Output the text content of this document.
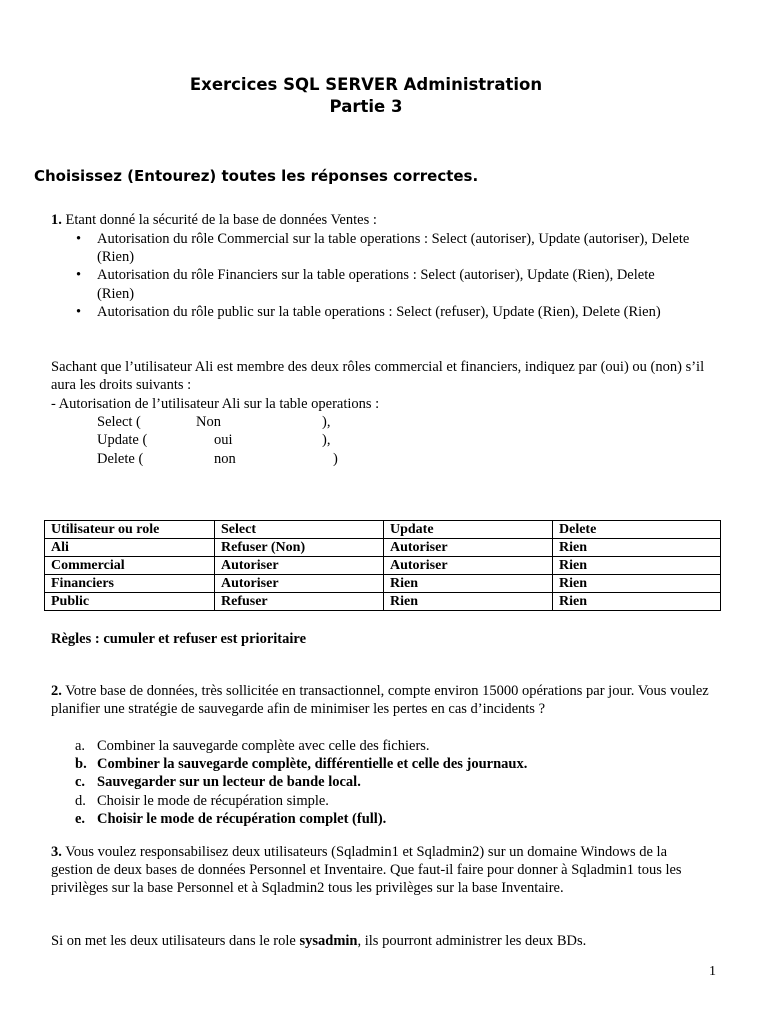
Exercices SQL SERVER Administration
Partie 3
Choisissez (Entourez) toutes les réponses correctes.
1. Etant donné la sécurité de la base de données Ventes :
• Autorisation du rôle Commercial sur la table operations : Select (autoriser), Update (autoriser), Delete (Rien)
• Autorisation du rôle Financiers sur la table operations : Select (autoriser), Update (Rien), Delete (Rien)
• Autorisation du rôle public sur la table operations : Select (refuser), Update (Rien), Delete (Rien)
Sachant que l’utilisateur Ali est membre des deux rôles commercial et financiers, indiquez par (oui) ou (non) s’il aura les droits suivants :
- Autorisation de l’utilisateur Ali sur la table operations :
Select (	Non	),
Update (	oui	),
Delete (	non	)
Utilisateur ou role	Select	Update	Delete
Ali	Refuser (Non)	Autoriser	Rien
Commercial	Autoriser	Autoriser	Rien
Financiers	Autoriser	Rien	Rien
Public	Refuser	Rien	Rien
Règles : cumuler et refuser est prioritaire
2. Votre base de données, très sollicitée en transactionnel, compte environ 15000 opérations par jour. Vous voulez planifier une stratégie de sauvegarde afin de minimiser les pertes en cas d’incidents ?
a. Combiner la sauvegarde complète avec celle des fichiers.
b. Combiner la sauvegarde complète, différentielle et celle des journaux.
c. Sauvegarder sur un lecteur de bande local.
d. Choisir le mode de récupération simple.
e. Choisir le mode de récupération complet (full).
3. Vous voulez responsabilisez deux utilisateurs (Sqladmin1 et Sqladmin2) sur un domaine Windows de la gestion de deux bases de données Personnel et Inventaire. Que faut-il faire pour donner à Sqladmin1 tous les privilèges sur la base Personnel et à Sqladmin2 tous les privilèges sur la base Inventaire.
Si on met les deux utilisateurs dans le role sysadmin, ils pourront administrer les deux BDs.
1
